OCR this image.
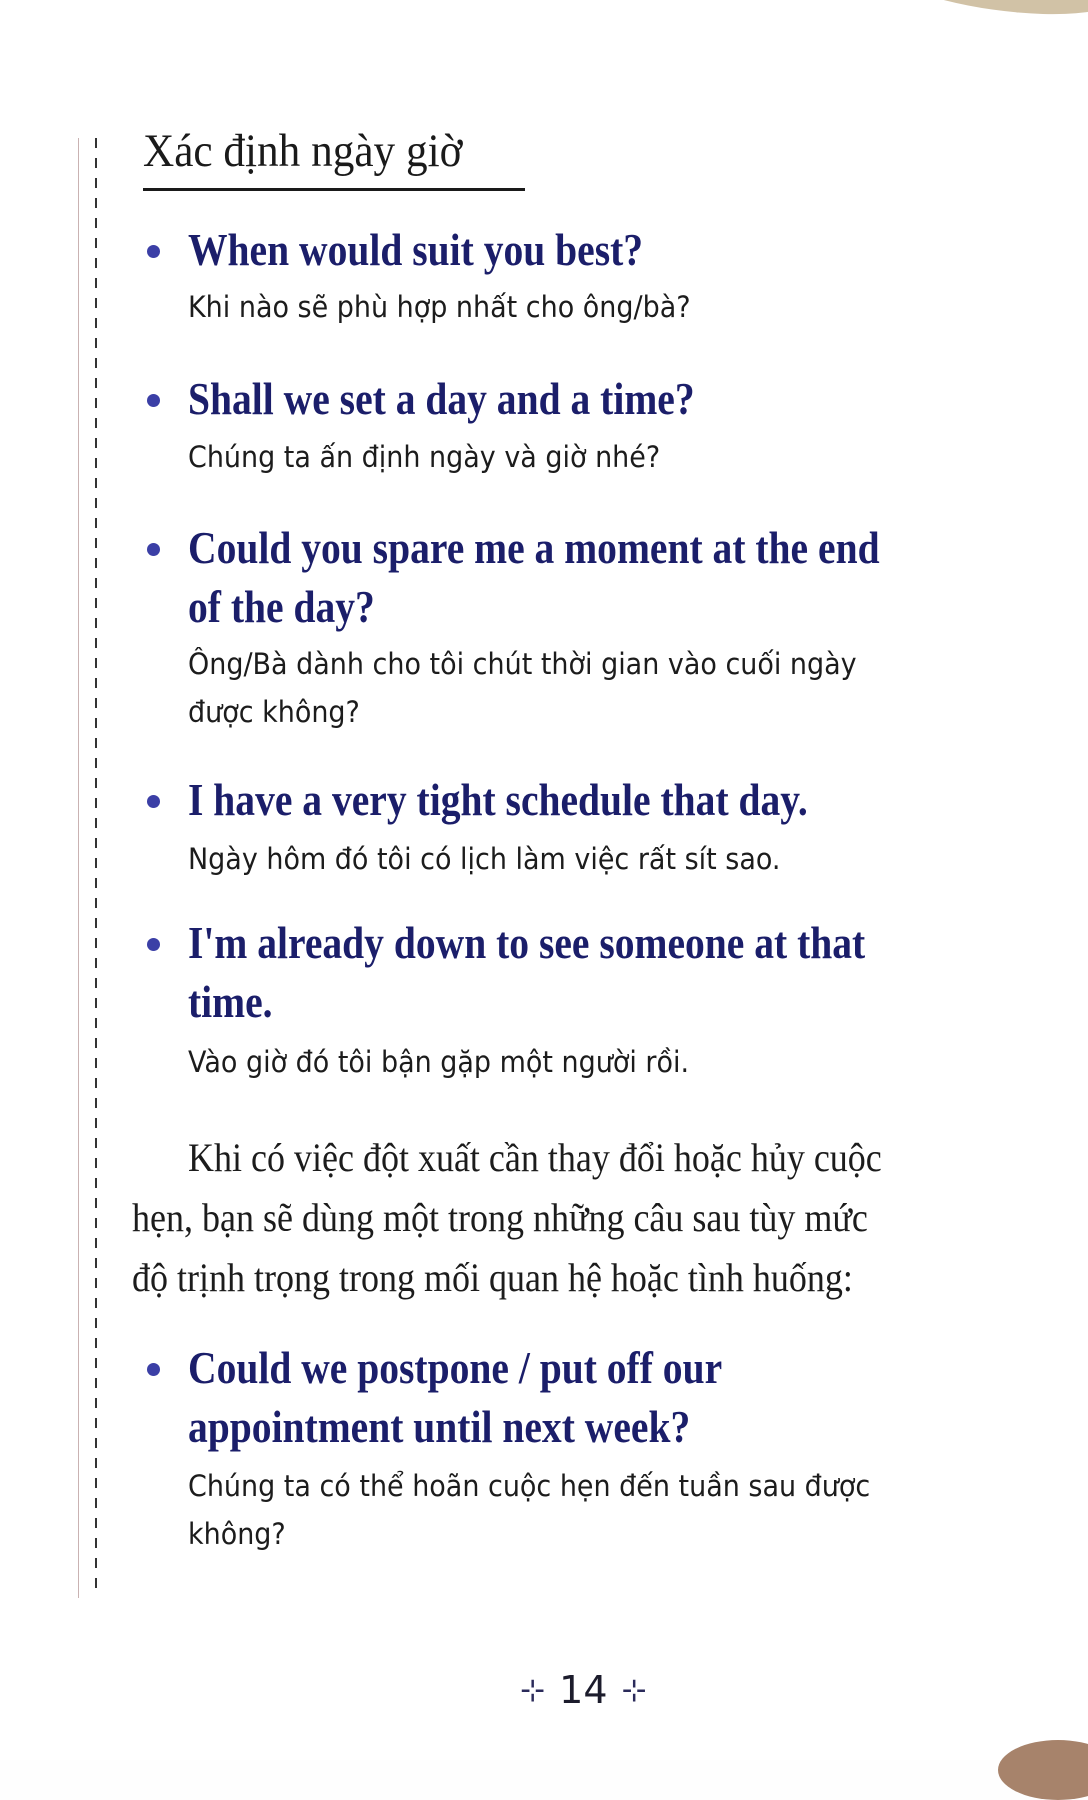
Xác định ngày giờ
When would suit you best?
Khi nào sẽ phù hợp nhất cho ông/bà?
Shall we set a day and a time?
Chúng ta ấn định ngày và giờ nhé?
Could you spare me a moment at the end
of the day?
Ông/Bà dành cho tôi chút thời gian vào cuối ngày
được không?
I have a very tight schedule that day.
Ngày hôm đó tôi có lịch làm việc rất sít sao.
I'm already down to see someone at that
time.
Vào giờ đó tôi bận gặp một người rồi.
Khi có việc đột xuất cần thay đổi hoặc hủy cuộc
hẹn, bạn sẽ dùng một trong những câu sau tùy mức
độ trịnh trọng trong mối quan hệ hoặc tình huống:
Could we postpone / put off our
appointment until next week?
Chúng ta có thể hoãn cuộc hẹn đến tuần sau được
không?
⊹ 14 ⊹
